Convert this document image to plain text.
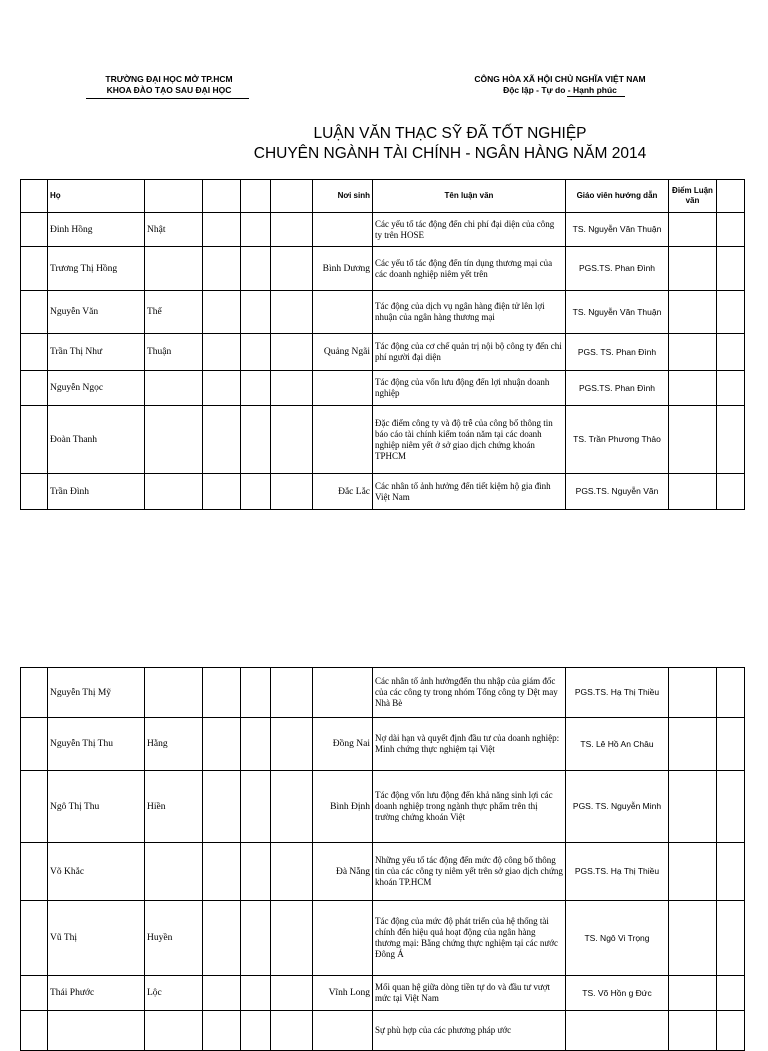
TRƯỜNG ĐẠI HỌC MỞ TP.HCM
KHOA ĐÀO TẠO SAU ĐẠI HỌC
CÔNG HÒA XÃ HỘI CHỦ NGHĨA VIỆT NAM
Độc lập - Tự do - Hạnh phúc
LUẬN VĂN THẠC SỸ ĐÃ TỐT NGHIỆP
CHUYÊN NGÀNH TÀI CHÍNH - NGÂN HÀNG NĂM 2014
	Họ					Nơi sinh	Tên luận văn	Giáo viên hướng dẫn	Điểm Luận văn	
	Đinh Hồng	Nhật					Các yếu tố tác động đến chi phí đại diện của công ty trên HOSE	TS. Nguyễn Văn Thuận		
	Trương Thị Hồng					Bình Dương	Các yếu tố tác động đến tín dụng thương mại của các doanh nghiệp niêm yết trên	PGS.TS. Phan Đình		
	Nguyễn Văn	Thể					Tác động của dịch vụ ngân hàng điện tử lên lợi nhuận của ngân hàng thương mại	TS. Nguyễn Văn Thuận		
	Trần Thị Như	Thuận				Quảng Ngãi	Tác động của cơ chế quản trị nội bộ công ty đến chi phí người đại diện	PGS. TS. Phan Đình		
	Nguyễn Ngọc						Tác động của vốn lưu động đến lợi nhuận doanh nghiệp	PGS.TS. Phan Đình		
	Đoàn Thanh						Đặc điểm công ty và độ trễ của công bố thông tin báo cáo tài chính kiểm toán năm tại các doanh nghiệp niêm yết ở sở giao dịch chứng khoán TPHCM	TS. Trần Phương Thảo		
	Trần Đình					Đắc Lắc	Các nhân tố ảnh hưởng đến tiết kiệm hộ gia đình Việt Nam	PGS.TS. Nguyễn Văn		
	Nguyễn Thị Mỹ						Các nhân tố ảnh hưởngđến thu nhập của giám đốc của các công ty trong nhóm Tổng công ty Dệt may Nhà Bè	PGS.TS. Hạ Thị Thiều		
	Nguyễn Thị Thu	Hằng				Đồng Nai	Nợ dài hạn và quyết định đầu tư của doanh nghiệp: Minh chứng thực nghiệm tại Việt	TS. Lê Hồ An Châu		
	Ngô Thị Thu	Hiền				Bình Định	Tác động vốn lưu động đến khả năng sinh lợi các doanh nghiệp trong ngành thực phẩm trên thị trường chứng khoán Việt	PGS. TS. Nguyễn Minh		
	Võ Khắc					Đà Nẵng	Những yếu tố tác động đến mức độ công bố thông tin của các công ty niêm yết trên sở giao dịch chứng khoán TP.HCM	PGS.TS. Hạ Thị Thiều		
	Vũ Thị	Huyền					Tác động của mức độ phát triển của hệ thống tài chính đến hiệu quả hoạt động của ngân hàng thương mại: Bằng chứng thực nghiệm tại các nước Đông Á	TS. Ngô Vi Trọng		
	Thái Phước	Lộc				Vĩnh Long	Mối quan hệ giữa dòng tiền tự do và đầu tư vượt mức tại Việt Nam	TS. Võ Hồn g Đức		
							Sự phù hợp của các phương pháp ước			
